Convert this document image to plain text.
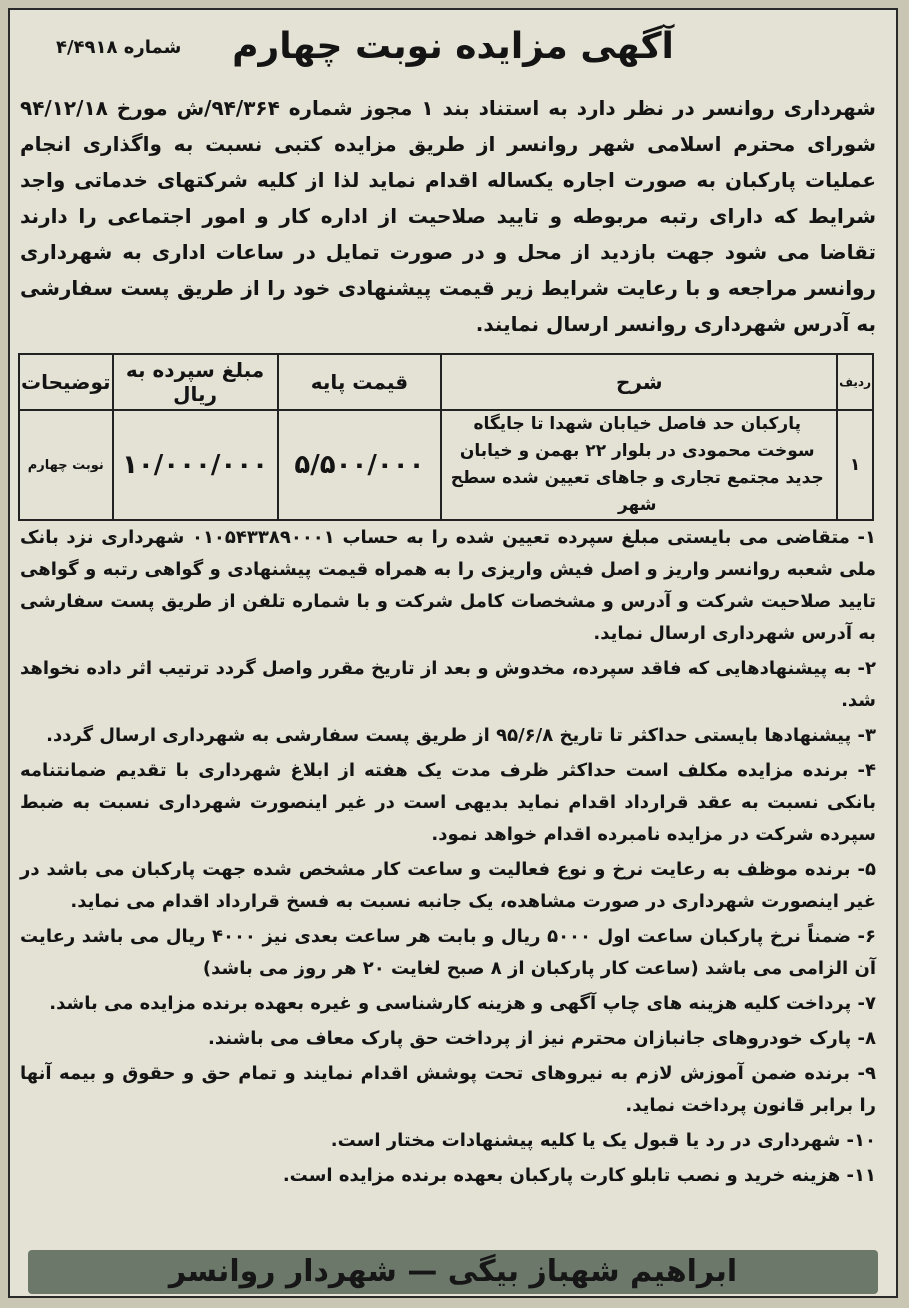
آگهی مزایده نوبت چهارم
شماره ۴/۴۹۱۸
شهرداری روانسر در نظر دارد به استناد بند ۱ مجوز شماره ۹۴/۳۶۴/ش مورخ ۹۴/۱۲/۱۸ شورای محترم اسلامی شهر روانسر از طریق مزایده کتبی نسبت به واگذاری انجام عملیات پارکبان به صورت اجاره یکساله اقدام نماید لذا از کلیه شرکتهای خدماتی واجد شرایط که دارای رتبه مربوطه و تایید صلاحیت از اداره کار و امور اجتماعی را دارند تقاضا می شود جهت بازدید از محل و در صورت تمایل در ساعات اداری به شهرداری روانسر مراجعه و با رعایت شرایط زیر قیمت پیشنهادی خود را از طریق پست سفارشی به آدرس شهرداری روانسر ارسال نمایند.
ردیف	شرح	قیمت پایه	مبلغ سپرده به ریال	توضیحات
۱	پارکبان حد فاصل خیابان شهدا تا جایگاه سوخت محمودی در بلوار ۲۲ بهمن و خیابان جدید مجتمع تجاری و جاهای تعیین شده سطح شهر	۵/۵۰۰/۰۰۰	۱۰/۰۰۰/۰۰۰	نوبت چهارم

۱- متقاضی می بایستی مبلغ سپرده تعیین شده را به حساب ۰۱۰۵۴۳۳۸۹۰۰۰۱ شهرداری نزد بانک ملی شعبه روانسر واریز و اصل فیش واریزی را به همراه قیمت پیشنهادی و گواهی رتبه و گواهی تایید صلاحیت شرکت و آدرس و مشخصات کامل شرکت و با شماره تلفن از طریق پست سفارشی به آدرس شهرداری ارسال نماید.

۲- به پیشنهادهایی که فاقد سپرده، مخدوش و بعد از تاریخ مقرر واصل گردد ترتیب اثر داده نخواهد شد.

۳- پیشنهادها بایستی حداکثر تا تاریخ ۹۵/۶/۸ از طریق پست سفارشی به شهرداری ارسال گردد.

۴- برنده مزایده مکلف است حداکثر ظرف مدت یک هفته از ابلاغ شهرداری با تقدیم ضمانتنامه بانکی نسبت به عقد قرارداد اقدام نماید بدیهی است در غیر اینصورت شهرداری نسبت به ضبط سپرده شرکت در مزایده نامبرده اقدام خواهد نمود.

۵- برنده موظف به رعایت نرخ و نوع فعالیت و ساعت کار مشخص شده جهت پارکبان می باشد در غیر اینصورت شهرداری در صورت مشاهده، یک جانبه نسبت به فسخ قرارداد اقدام می نماید.

۶- ضمناً نرخ پارکبان ساعت اول ۵۰۰۰ ریال و بابت هر ساعت بعدی نیز ۴۰۰۰ ریال می باشد رعایت آن الزامی می باشد (ساعت کار پارکبان از ۸ صبح لغایت ۲۰ هر روز می باشد)

۷- پرداخت کلیه هزینه های چاپ آگهی و هزینه کارشناسی و غیره بعهده برنده مزایده می باشد.

۸- پارک خودروهای جانبازان محترم نیز از پرداخت حق پارک معاف می باشند.

۹- برنده ضمن آموزش لازم به نیروهای تحت پوشش اقدام نمایند و تمام حق و حقوق و بیمه آنها را برابر قانون پرداخت نماید.

۱۰- شهرداری در رد یا قبول یک یا کلیه پیشنهادات مختار است.

۱۱- هزینه خرید و نصب تابلو کارت پارکبان بعهده برنده مزایده است.

ابراهیم شهباز بیگی — شهردار روانسر
